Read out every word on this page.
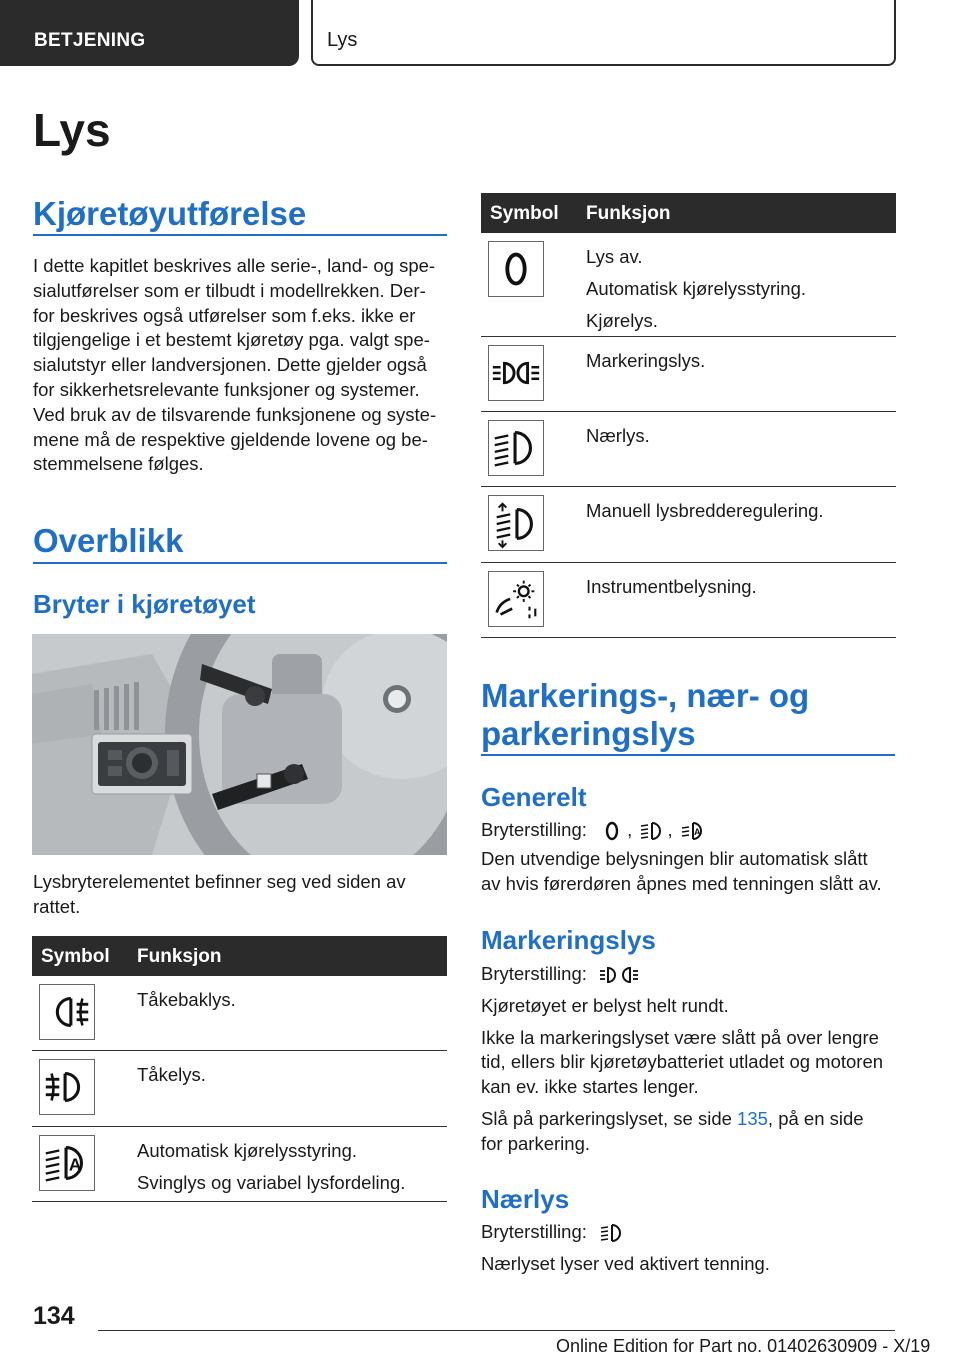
BETJENING	Lys
Lys
Kjøretøyutførelse

I dette kapitlet beskrives alle serie-, land- og spe-

sialutførelser som er tilbudt i modellrekken. Der-

for beskrives også utførelser som f.eks. ikke er

tilgjengelige i et bestemt kjøretøy pga. valgt spe-

sialutstyr eller landversjonen. Dette gjelder også

for sikkerhetsrelevante funksjoner og systemer.

Ved bruk av de tilsvarende funksjonene og syste-

mene må de respektive gjeldende lovene og be-

stemmelsene følges.

Overblikk
Bryter i kjøretøyet

Lysbryterelementet befinner seg ved siden av

rattet.

Symbol Funksjon
Tåkebaklys.
Tåkelys.
A
Automatisk kjørelysstyring.
Svinglys og variabel lysfordeling.
Symbol Funksjon
Lys av.
Automatisk kjørelysstyring.
Kjørelys.
Markeringslys.
Nærlys.
Manuell lysbredderegulering.
Instrumentbelysning.
Markerings-, nær- og
parkeringslys
Generelt

Bryterstilling: , , A

Den utvendige belysningen blir automatisk slått

av hvis førerdøren åpnes med tenningen slått av.

Markeringslys

Bryterstilling:

Kjøretøyet er belyst helt rundt.

Ikke la markeringslyset være slått på over lengre

tid, ellers blir kjøretøybatteriet utladet og motoren

kan ev. ikke startes lenger.

Slå på parkeringslyset, se side 135, på en side

for parkering.

Nærlys

Bryterstilling:

Nærlyset lyser ved aktivert tenning.

134
Online Edition for Part no. 01402630909 - X/19
